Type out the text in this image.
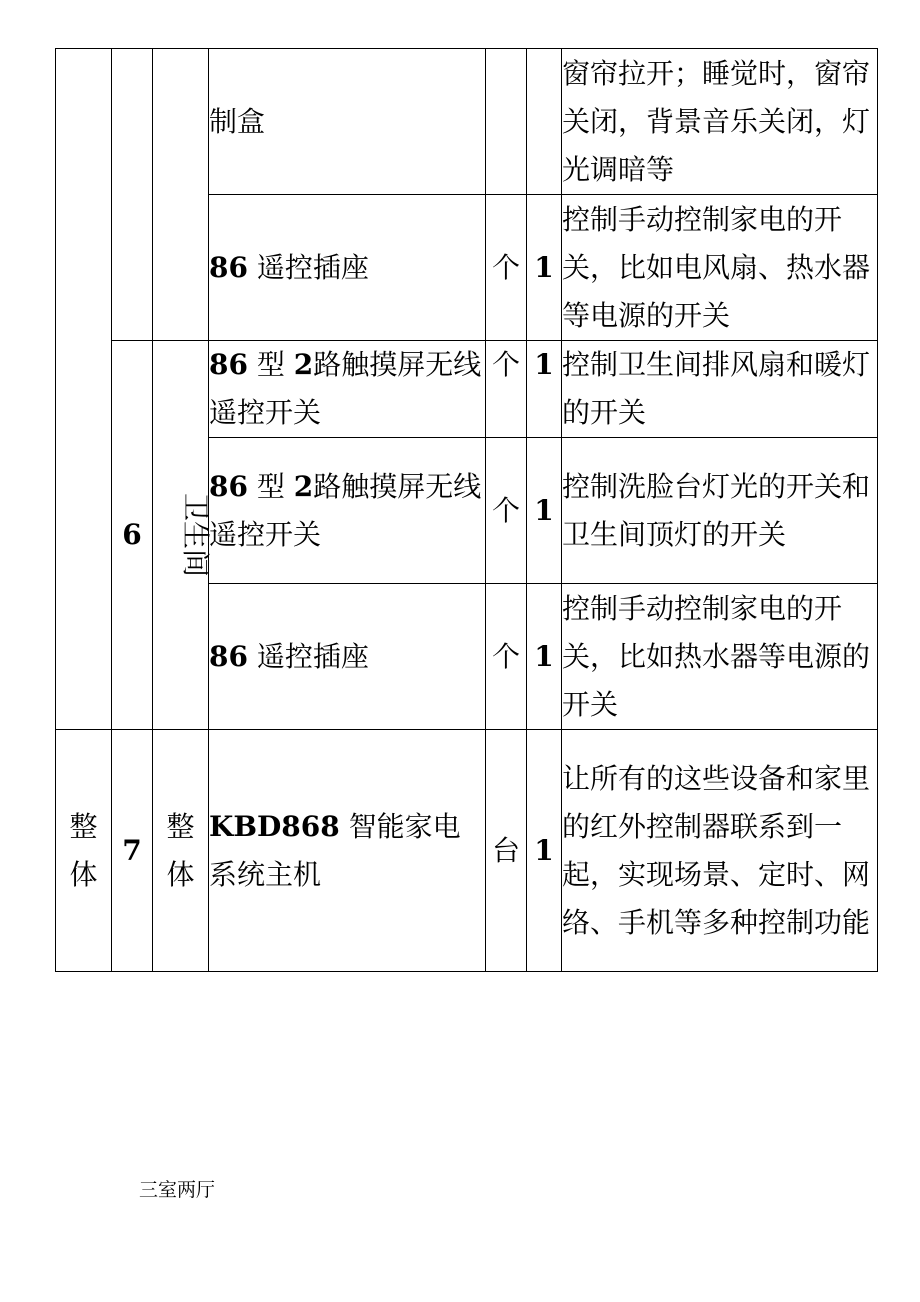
			制盒			窗帘拉开；睡觉时，窗帘关闭，背景音乐关闭，灯光调暗等
			86 遥控插座	个	1	控制手动控制家电的开关，比如电风扇、热水器等电源的开关
	6	卫生间	86 型 2路触摸屏无线遥控开关	个	1	控制卫生间排风扇和暖灯的开关
			86 型 2路触摸屏无线遥控开关	个	1	控制洗脸台灯光的开关和卫生间顶灯的开关
			86 遥控插座	个	1	控制手动控制家电的开关，比如热水器等电源的开关
整体	7	整体	KBD868 智能家电系统主机	台	1	让所有的这些设备和家里的红外控制器联系到一起，实现场景、定时、网络、手机等多种控制功能
三室两厅
